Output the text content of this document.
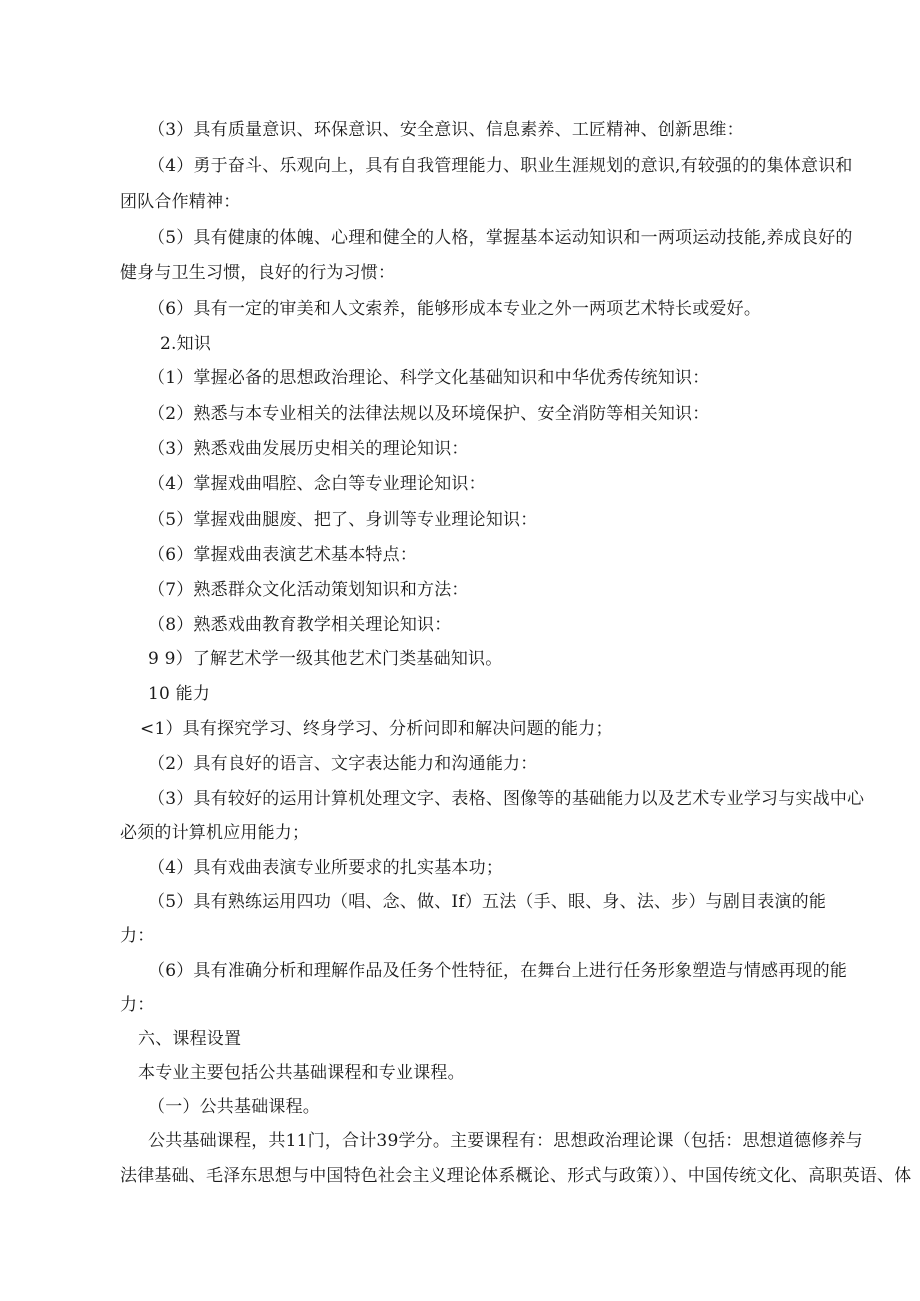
（3）具有质量意识、环保意识、安全意识、信息素养、工匠精神、创新思维：
（4）勇于奋斗、乐观向上，具有自我管理能力、职业生涯规划的意识,有较强的的集体意识和
团队合作精神：
（5）具有健康的体魄、心理和健全的人格，掌握基本运动知识和一两项运动技能,养成良好的
健身与卫生习惯，良好的行为习惯：
（6）具有一定的审美和人文索养，能够形成本专业之外一两项艺术特长或爱好。
2.知识
（1）掌握必备的思想政治理论、科学文化基础知识和中华优秀传统知识：
（2）熟悉与本专业相关的法律法规以及环境保护、安全消防等相关知识：
（3）熟悉戏曲发展历史相关的理论知识：
（4）掌握戏曲唱腔、念白等专业理论知识：
（5）掌握戏曲腿废、把了、身训等专业理论知识：
（6）掌握戏曲表演艺术基本特点：
（7）熟悉群众文化活动策划知识和方法：
（8）熟悉戏曲教育教学相关理论知识：
9 9）了解艺术学一级其他艺术门类基础知识。
10 能力
<1）具有探究学习、终身学习、分析问即和解决问题的能力；
（2）具有良好的语言、文字表达能力和沟通能力：
（3）具有较好的运用计算机处理文字、表格、图像等的基础能力以及艺术专业学习与实战中心
必须的计算机应用能力；
（4）具有戏曲表演专业所要求的扎实基本功；
（5）具有熟练运用四功（唱、念、做、If）五法（手、眼、身、法、步）与剧目表演的能
力：
（6）具有准确分析和理解作品及任务个性特征，在舞台上进行任务形象塑造与情感再现的能
力：
六、课程设置
本专业主要包括公共基础课程和专业课程。
（一）公共基础课程。
公共基础课程，共11门，合计39学分。主要课程有：思想政治理论课（包括：思想道德修养与
法律基础、毛泽东思想与中国特色社会主义理论体系概论、形式与政策））、中国传统文化、高职英语、体
